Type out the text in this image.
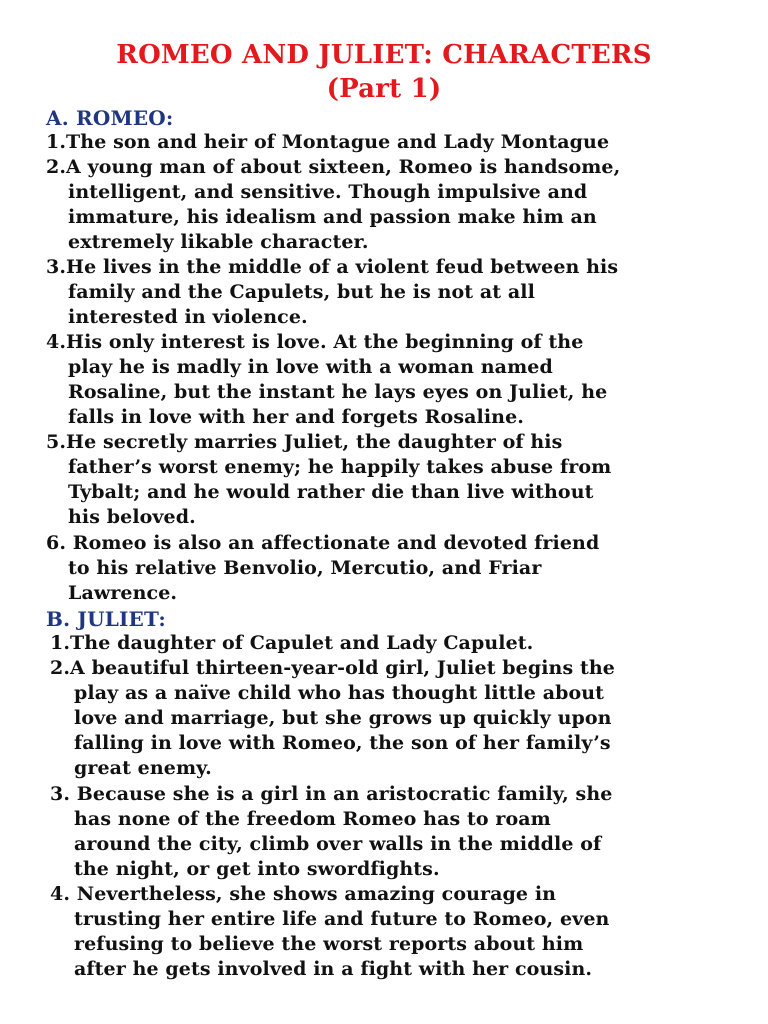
ROMEO AND JULIET: CHARACTERS
(Part 1)
A. ROMEO:
1.The son and heir of Montague and Lady Montague
2.A young man of about sixteen, Romeo is handsome,
intelligent, and sensitive. Though impulsive and
immature, his idealism and passion make him an
extremely likable character.
3.He lives in the middle of a violent feud between his
family and the Capulets, but he is not at all
interested in violence.
4.His only interest is love. At the beginning of the
play he is madly in love with a woman named
Rosaline, but the instant he lays eyes on Juliet, he
falls in love with her and forgets Rosaline.
5.He secretly marries Juliet, the daughter of his
father’s worst enemy; he happily takes abuse from
Tybalt; and he would rather die than live without
his beloved.
6. Romeo is also an affectionate and devoted friend
to his relative Benvolio, Mercutio, and Friar
Lawrence.
B. JULIET:
1.The daughter of Capulet and Lady Capulet.
2.A beautiful thirteen-year-old girl, Juliet begins the
play as a naïve child who has thought little about
love and marriage, but she grows up quickly upon
falling in love with Romeo, the son of her family’s
great enemy.
3. Because she is a girl in an aristocratic family, she
has none of the freedom Romeo has to roam
around the city, climb over walls in the middle of
the night, or get into swordfights.
4. Nevertheless, she shows amazing courage in
trusting her entire life and future to Romeo, even
refusing to believe the worst reports about him
after he gets involved in a fight with her cousin.
